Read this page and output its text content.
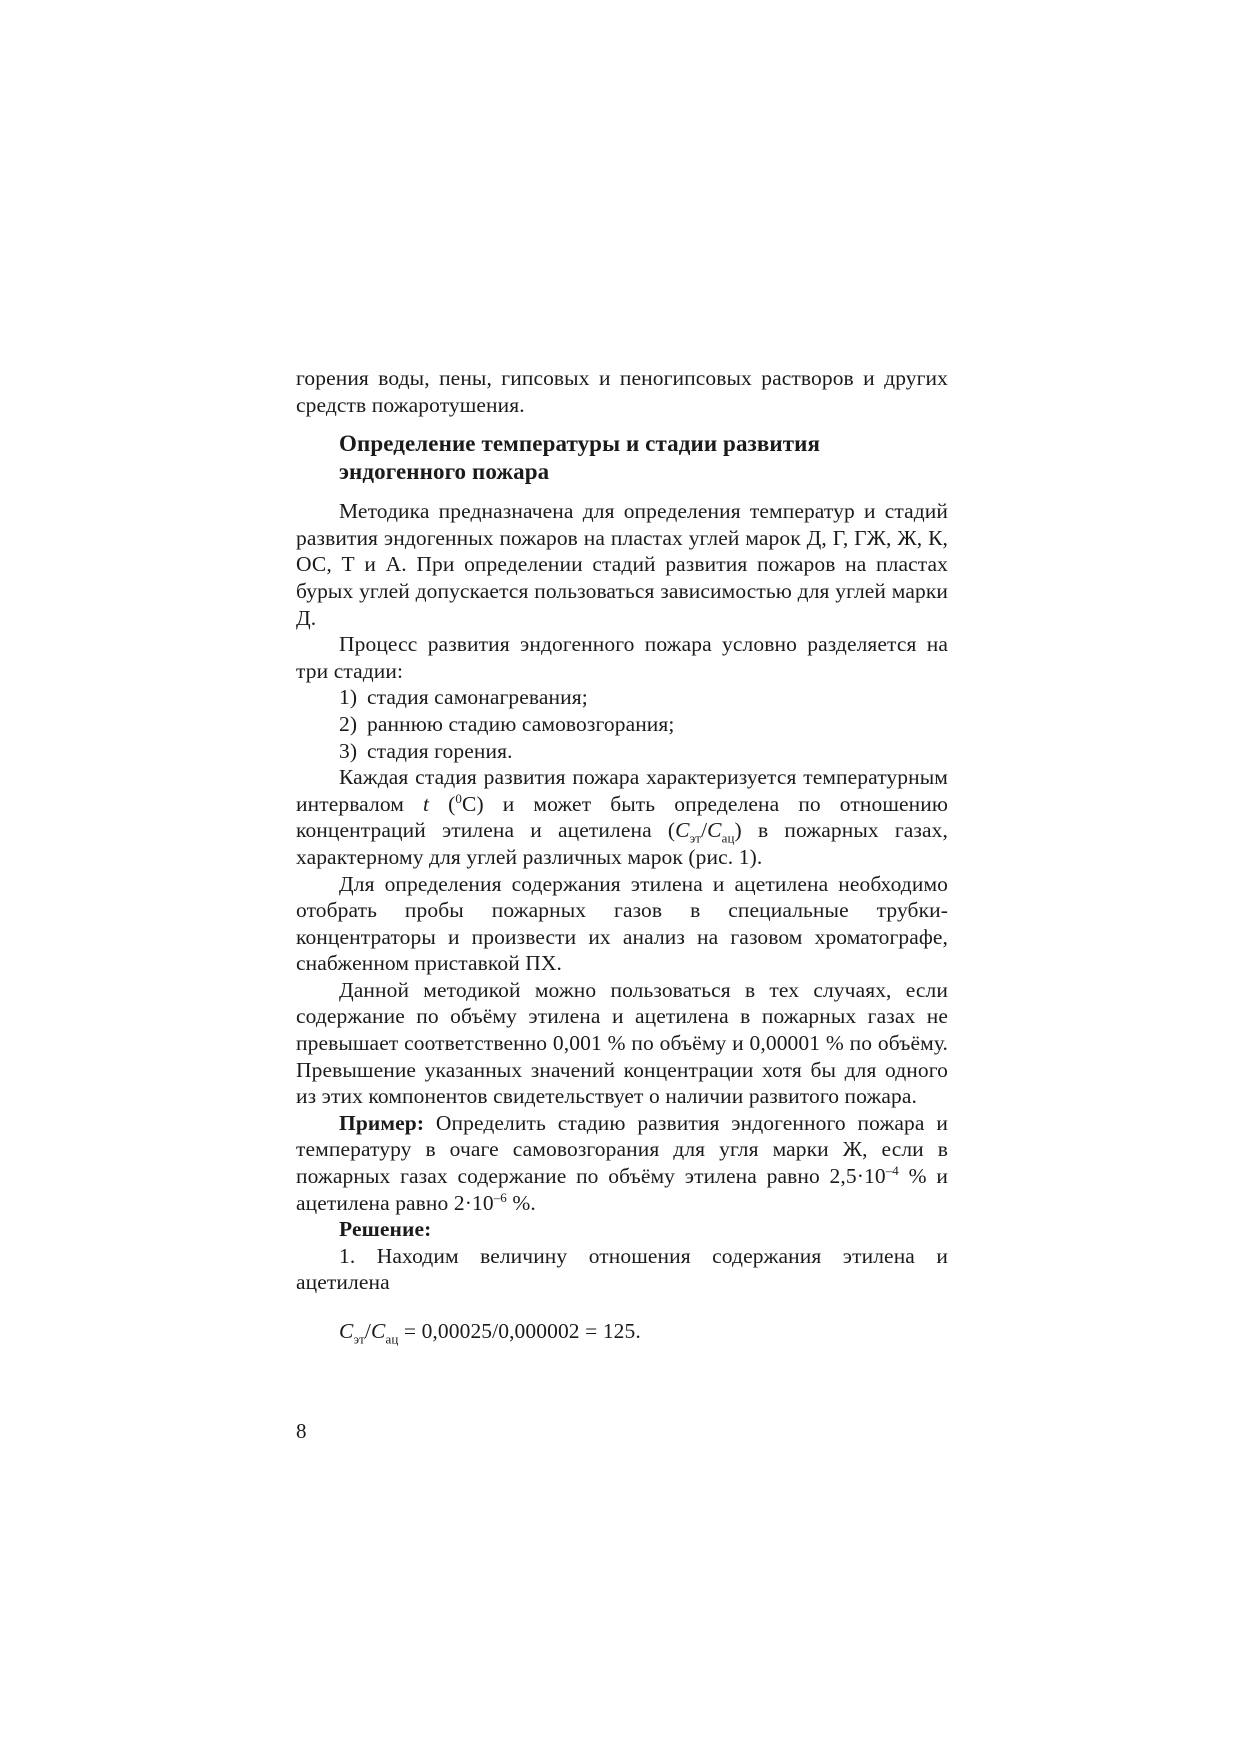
горения воды, пены, гипсовых и пеногипсовых растворов и других средств пожаротушения.

Определение температуры и стадии развития
эндогенного пожара

Методика предназначена для определения температур и стадий развития эндогенных пожаров на пластах углей марок Д, Г, ГЖ, Ж, К, ОС, Т и А. При определении стадий развития пожаров на пластах бурых углей допускается пользоваться зависимостью для углей марки Д.

Процесс развития эндогенного пожара условно разделяется на три стадии:

1) стадия самонагревания;
2) раннюю стадию самовозгорания;
3) стадия горения.

Каждая стадия развития пожара характеризуется температурным интервалом t ($^0$С) и может быть определена по отношению концентраций этилена и ацетилена $(С_{эт}/С_{ац})$ в пожарных газах, характерному для углей различных марок (рис. 1).

Для определения содержания этилена и ацетилена необходимо отобрать пробы пожарных газов в специальные трубки-концентраторы и произвести их анализ на газовом хроматографе, снабженном приставкой ПХ.

Данной методикой можно пользоваться в тех случаях, если содержание по объёму этилена и ацетилена в пожарных газах не превышает соответственно 0,001 % по объёму и 0,00001 % по объёму. Превышение указанных значений концентрации хотя бы для одного из этих компонентов свидетельствует о наличии развитого пожара.

Пример: Определить стадию развития эндогенного пожара и температуру в очаге самовозгорания для угля марки Ж, если в пожарных газах содержание по объёму этилена равно $2,5\cdot 10^{-4}$ % и ацетилена равно $2\cdot 10^{-6}$ %.

Решение:

1. Находим величину отношения содержания этилена и ацетилена

$С_{эт}/С_{ац} = 0,00025/0,000002 = 125$.

8
